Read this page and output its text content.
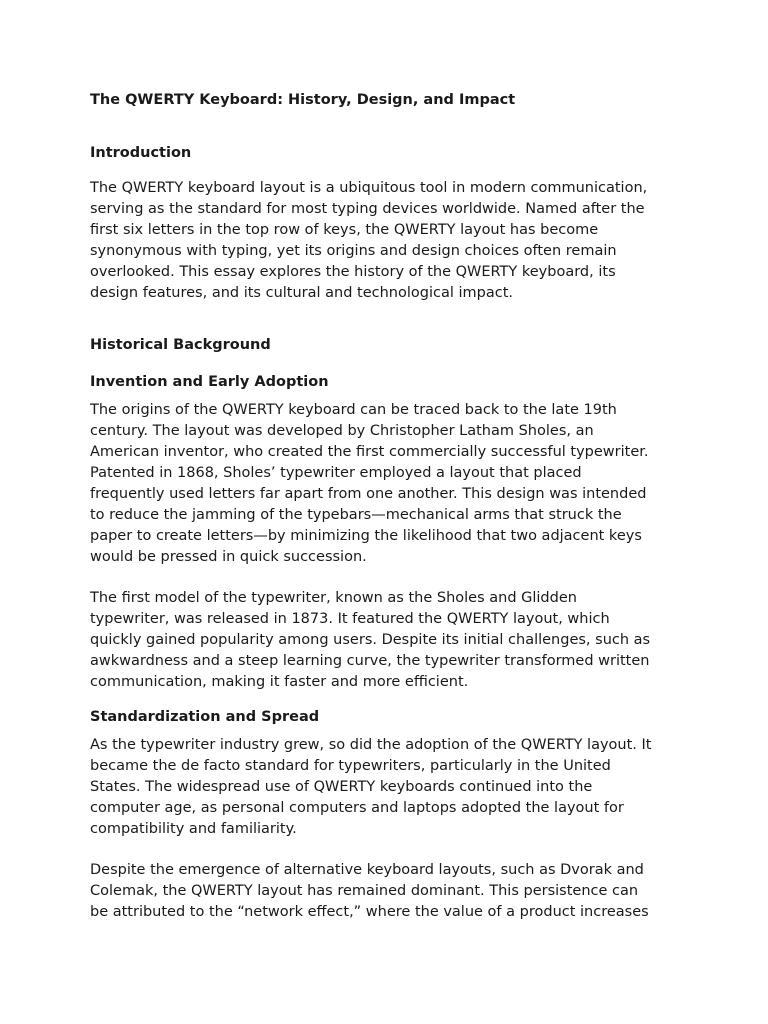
The QWERTY Keyboard: History, Design, and Impact
Introduction

The QWERTY keyboard layout is a ubiquitous tool in modern communication,
serving as the standard for most typing devices worldwide. Named after the
first six letters in the top row of keys, the QWERTY layout has become
synonymous with typing, yet its origins and design choices often remain
overlooked. This essay explores the history of the QWERTY keyboard, its
design features, and its cultural and technological impact.

Historical Background
Invention and Early Adoption

The origins of the QWERTY keyboard can be traced back to the late 19th
century. The layout was developed by Christopher Latham Sholes, an
American inventor, who created the first commercially successful typewriter.
Patented in 1868, Sholes’ typewriter employed a layout that placed
frequently used letters far apart from one another. This design was intended
to reduce the jamming of the typebars—mechanical arms that struck the
paper to create letters—by minimizing the likelihood that two adjacent keys
would be pressed in quick succession.

The first model of the typewriter, known as the Sholes and Glidden
typewriter, was released in 1873. It featured the QWERTY layout, which
quickly gained popularity among users. Despite its initial challenges, such as
awkwardness and a steep learning curve, the typewriter transformed written
communication, making it faster and more efficient.

Standardization and Spread

As the typewriter industry grew, so did the adoption of the QWERTY layout. It
became the de facto standard for typewriters, particularly in the United
States. The widespread use of QWERTY keyboards continued into the
computer age, as personal computers and laptops adopted the layout for
compatibility and familiarity.

Despite the emergence of alternative keyboard layouts, such as Dvorak and
Colemak, the QWERTY layout has remained dominant. This persistence can
be attributed to the “network effect,” where the value of a product increases
